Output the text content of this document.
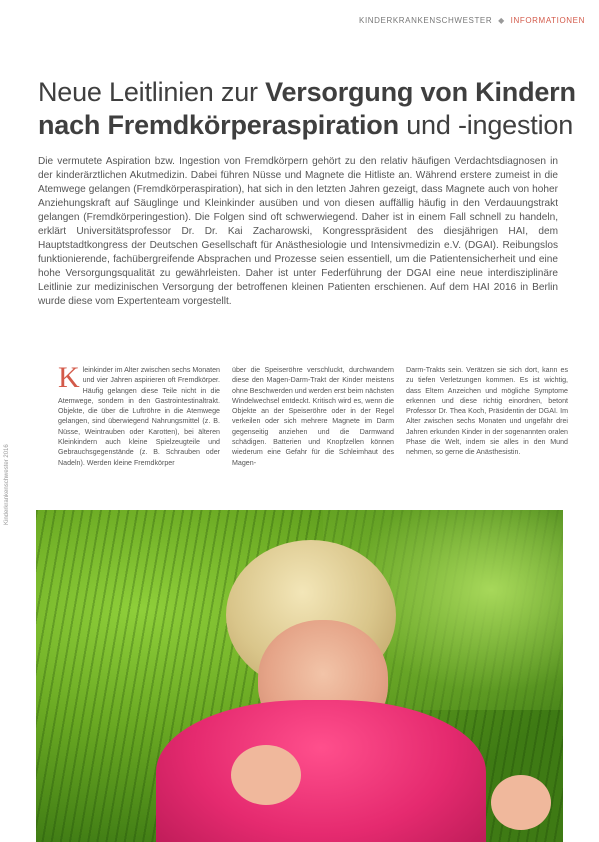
KINDERKRANKENSCHWESTER ◆ INFORMATIONEN
Kinderkrankenschwester 2016
Neue Leitlinien zur Versorgung von Kindern
nach Fremdkörperaspiration und -ingestion

Die vermutete Aspiration bzw. Ingestion von Fremdkörpern gehört zu den relativ häufigen Verdachtsdiagnosen in der kinderärztlichen Akutmedizin. Dabei führen Nüsse und Magnete die Hitliste an. Während erstere zumeist in die Atemwege gelangen (Fremdkörperaspiration), hat sich in den letzten Jahren gezeigt, dass Magnete auch von hoher Anziehungskraft auf Säuglinge und Kleinkinder ausüben und von diesen auffällig häufig in den Verdauungstrakt gelangen (Fremdkörperingestion). Die Folgen sind oft schwerwiegend. Daher ist in einem Fall schnell zu handeln, erklärt Universitätsprofessor Dr. Dr. Kai Zacharowski, Kongresspräsident des diesjährigen HAI, dem Hauptstadtkongress der Deutschen Gesellschaft für Anästhesiologie und Intensivmedizin e.V. (DGAI). Reibungslos funktionierende, fachübergreifende Absprachen und Prozesse seien essentiell, um die Patientensicherheit und eine hohe Versorgungsqualität zu gewährleisten. Daher ist unter Federführung der DGAI eine neue interdisziplinäre Leitlinie zur medizinischen Versorgung der betroffenen kleinen Patienten erschienen. Auf dem HAI 2016 in Berlin wurde diese vom Expertenteam vorgestellt.

Kleinkinder im Alter zwischen sechs Monaten und vier Jahren aspirieren oft Fremdkörper. Häufig gelangen diese Teile nicht in die Atemwege, sondern in den Gastrointestinaltrakt. Objekte, die über die Luftröhre in die Atemwege gelangen, sind überwiegend Nahrungsmittel (z. B. Nüsse, Weintrauben oder Karotten), bei älteren Kleinkindern auch kleine Spielzeugteile und Gebrauchsgegenstände (z. B. Schrauben oder Nadeln). Werden kleine Fremdkörper

über die Speiseröhre verschluckt, durchwandern diese den Magen-Darm-Trakt der Kinder meistens ohne Beschwerden und werden erst beim nächsten Windelwechsel entdeckt. Kritisch wird es, wenn die Objekte an der Speiseröhre oder in der Regel verkeilen oder sich mehrere Magnete im Darm gegenseitig anziehen und die Darmwand schädigen. Batterien und Knopfzellen können wiederum eine Gefahr für die Schleimhaut des Magen-

Darm-Trakts sein. Verätzen sie sich dort, kann es zu tiefen Verletzungen kommen. Es ist wichtig, dass Eltern Anzeichen und mögliche Symptome erkennen und diese richtig einordnen, betont Professor Dr. Thea Koch, Präsidentin der DGAI. Im Alter zwischen sechs Monaten und ungefähr drei Jahren erkunden Kinder in der sogenannten oralen Phase die Welt, indem sie alles in den Mund nehmen, so gerne die Anästhesistin.
